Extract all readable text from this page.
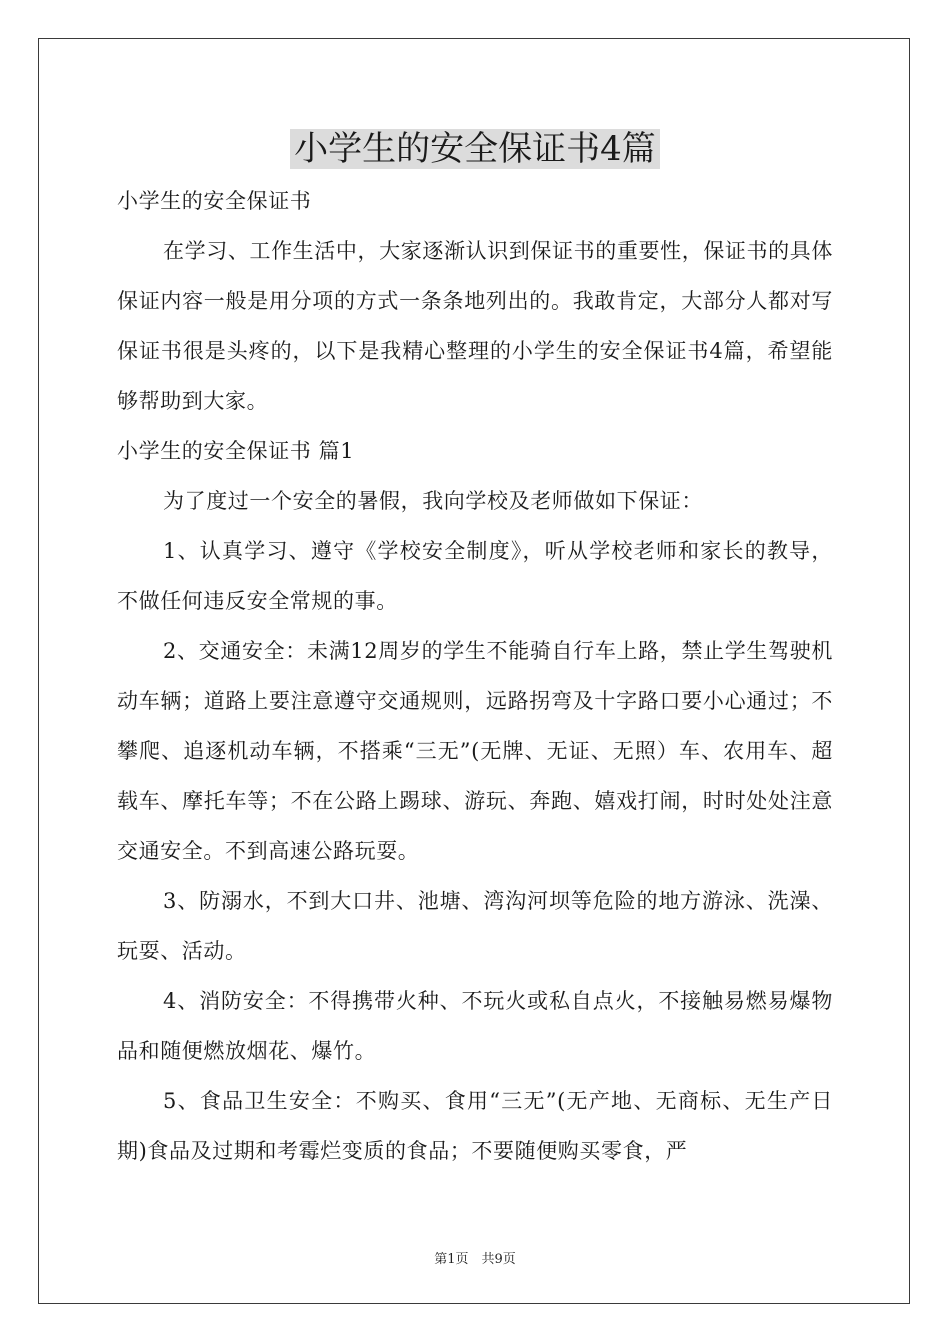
小学生的安全保证书4篇

小学生的安全保证书

在学习、工作生活中，大家逐渐认识到保证书的重要性，保证书的具体保证内容一般是用分项的方式一条条地列出的。我敢肯定，大部分人都对写保证书很是头疼的，以下是我精心整理的小学生的安全保证书4篇，希望能够帮助到大家。

小学生的安全保证书 篇1

为了度过一个安全的暑假，我向学校及老师做如下保证：

1、认真学习、遵守《学校安全制度》，听从学校老师和家长的教导，不做任何违反安全常规的事。

2、交通安全：未满12周岁的学生不能骑自行车上路，禁止学生驾驶机动车辆；道路上要注意遵守交通规则，远路拐弯及十字路口要小心通过；不攀爬、追逐机动车辆，不搭乘“三无”(无牌、无证、无照）车、农用车、超载车、摩托车等；不在公路上踢球、游玩、奔跑、嬉戏打闹，时时处处注意交通安全。不到高速公路玩耍。

3、防溺水，不到大口井、池塘、湾沟河坝等危险的地方游泳、洗澡、玩耍、活动。

4、消防安全：不得携带火种、不玩火或私自点火，不接触易燃易爆物品和随便燃放烟花、爆竹。

5、食品卫生安全：不购买、食用“三无”(无产地、无商标、无生产日期)食品及过期和考霉烂变质的食品；不要随便购买零食，严

第1页　共9页
